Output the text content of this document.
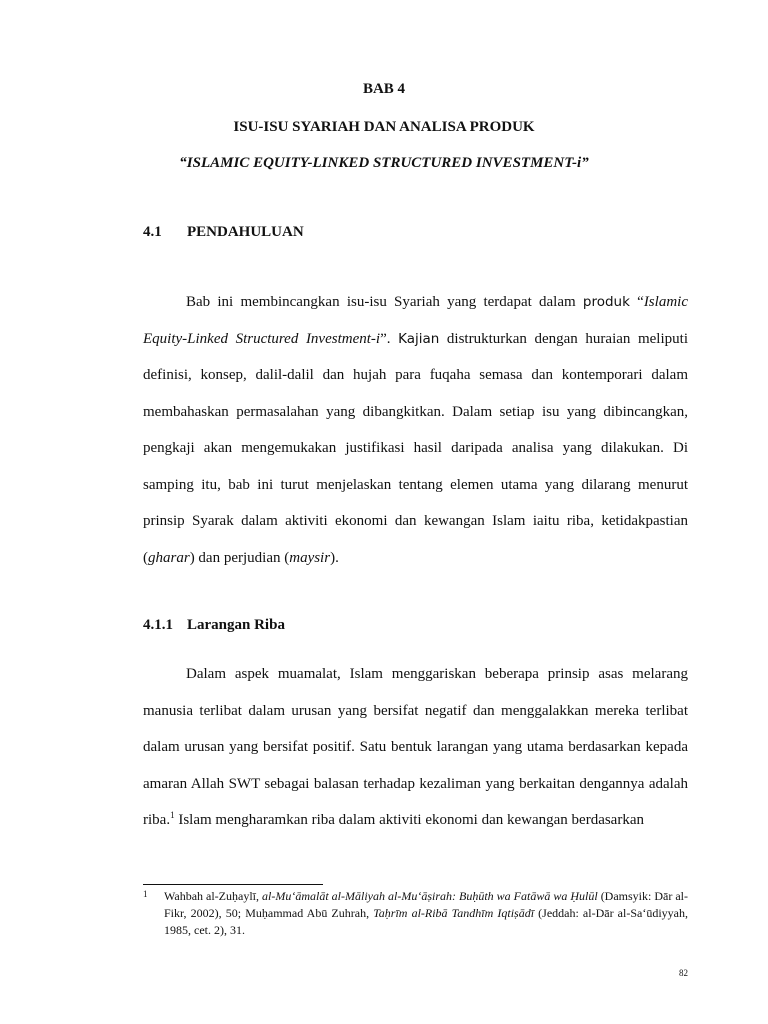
BAB 4
ISU-ISU SYARIAH DAN ANALISA PRODUK
“ISLAMIC EQUITY-LINKED STRUCTURED INVESTMENT-i”
4.1 PENDAHULUAN

Bab ini membincangkan isu-isu Syariah yang terdapat dalam produk “Islamic Equity-Linked Structured Investment-i”. Kajian distrukturkan dengan huraian meliputi definisi, konsep, dalil-dalil dan hujah para fuqaha semasa dan kontemporari dalam membahaskan permasalahan yang dibangkitkan. Dalam setiap isu yang dibincangkan, pengkaji akan mengemukakan justifikasi hasil daripada analisa yang dilakukan. Di samping itu, bab ini turut menjelaskan tentang elemen utama yang dilarang menurut prinsip Syarak dalam aktiviti ekonomi dan kewangan Islam iaitu riba, ketidakpastian (gharar) dan perjudian (maysir).

4.1.1 Larangan Riba

Dalam aspek muamalat, Islam menggariskan beberapa prinsip asas melarang manusia terlibat dalam urusan yang bersifat negatif dan menggalakkan mereka terlibat dalam urusan yang bersifat positif. Satu bentuk larangan yang utama berdasarkan kepada amaran Allah SWT sebagai balasan terhadap kezaliman yang berkaitan dengannya adalah riba.$^1$ Islam mengharamkan riba dalam aktiviti ekonomi dan kewangan berdasarkan

1 Wahbah al-Zuḥaylī, al-Mu‘āmalāt al-Māliyah al-Mu‘āṣirah: Buḥūth wa Fatāwā wa Ḥulūl (Damsyik: Dār al-Fikr, 2002), 50; Muḥammad Abū Zuhrah, Taḥrīm al-Ribā Tandhīm Iqtiṣādī (Jeddah: al-Dār al-Sa‘ūdiyyah, 1985, cet. 2), 31.

82
